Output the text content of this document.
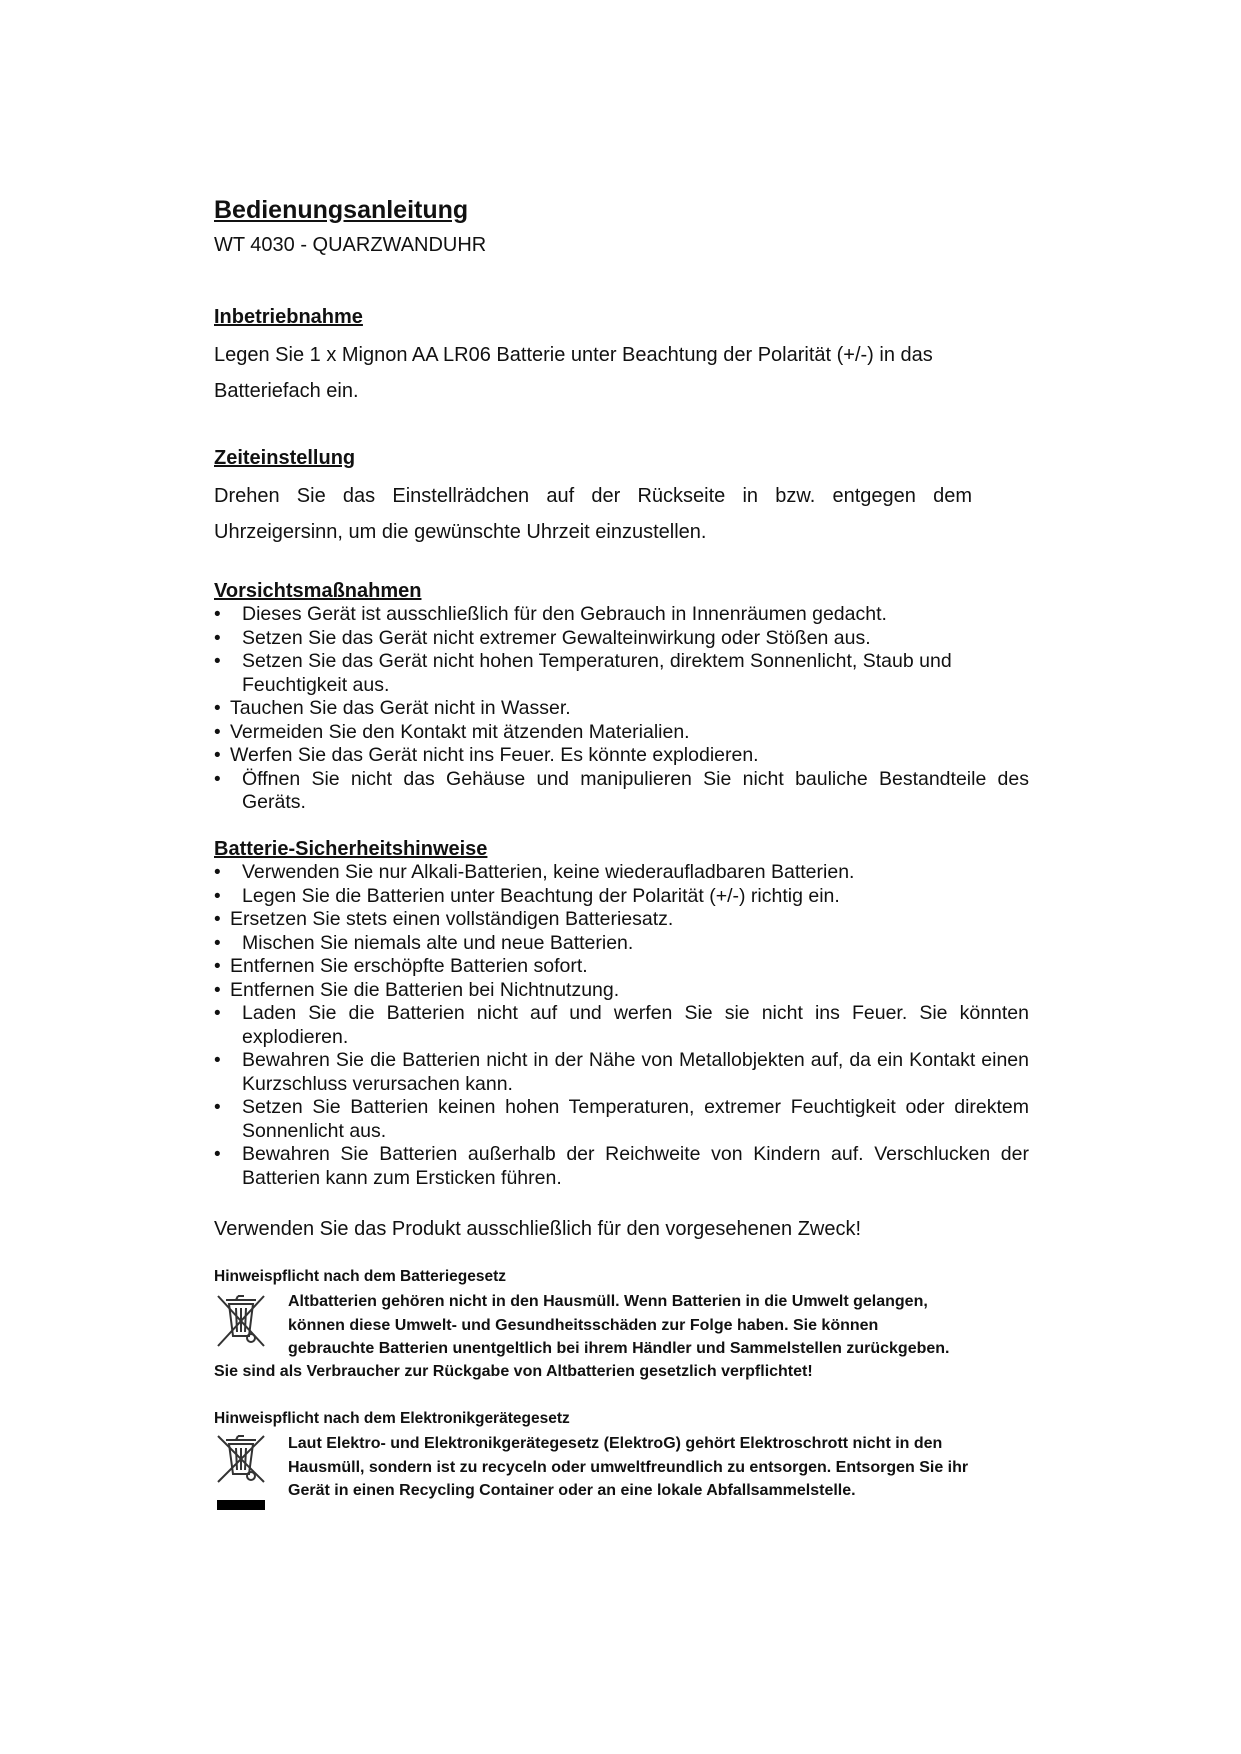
Bedienungsanleitung
WT 4030 - QUARZWANDUHR
Inbetriebnahme
Legen Sie 1 x Mignon AA LR06 Batterie unter Beachtung der Polarität (+/-) in das
Batteriefach ein.
Zeiteinstellung
Drehen Sie das Einstellrädchen auf der Rückseite in bzw. entgegen dem
Uhrzeigersinn, um die gewünschte Uhrzeit einzustellen.
Vorsichtsmaßnahmen
• Dieses Gerät ist ausschließlich für den Gebrauch in Innenräumen gedacht.
• Setzen Sie das Gerät nicht extremer Gewalteinwirkung oder Stößen aus.
• Setzen Sie das Gerät nicht hohen Temperaturen, direktem Sonnenlicht, Staub und Feuchtigkeit aus.
• Tauchen Sie das Gerät nicht in Wasser.
• Vermeiden Sie den Kontakt mit ätzenden Materialien.
• Werfen Sie das Gerät nicht ins Feuer. Es könnte explodieren.
• Öffnen Sie nicht das Gehäuse und manipulieren Sie nicht bauliche Bestandteile des Geräts.
Batterie-Sicherheitshinweise
• Verwenden Sie nur Alkali-Batterien, keine wiederaufladbaren Batterien.
• Legen Sie die Batterien unter Beachtung der Polarität (+/-) richtig ein.
• Ersetzen Sie stets einen vollständigen Batteriesatz.
• Mischen Sie niemals alte und neue Batterien.
• Entfernen Sie erschöpfte Batterien sofort.
• Entfernen Sie die Batterien bei Nichtnutzung.
• Laden Sie die Batterien nicht auf und werfen Sie sie nicht ins Feuer. Sie könnten explodieren.
• Bewahren Sie die Batterien nicht in der Nähe von Metallobjekten auf, da ein Kontakt einen Kurzschluss verursachen kann.
• Setzen Sie Batterien keinen hohen Temperaturen, extremer Feuchtigkeit oder direktem Sonnenlicht aus.
• Bewahren Sie Batterien außerhalb der Reichweite von Kindern auf. Verschlucken der Batterien kann zum Ersticken führen.
Verwenden Sie das Produkt ausschließlich für den vorgesehenen Zweck!
Hinweispflicht nach dem Batteriegesetz
Altbatterien gehören nicht in den Hausmüll. Wenn Batterien in die Umwelt gelangen,
können diese Umwelt- und Gesundheitsschäden zur Folge haben. Sie können
gebrauchte Batterien unentgeltlich bei ihrem Händler und Sammelstellen zurückgeben.
Sie sind als Verbraucher zur Rückgabe von Altbatterien gesetzlich verpflichtet!
Hinweispflicht nach dem Elektronikgerätegesetz
Laut Elektro- und Elektronikgerätegesetz (ElektroG) gehört Elektroschrott nicht in den
Hausmüll, sondern ist zu recyceln oder umweltfreundlich zu entsorgen. Entsorgen Sie ihr
Gerät in einen Recycling Container oder an eine lokale Abfallsammelstelle.
